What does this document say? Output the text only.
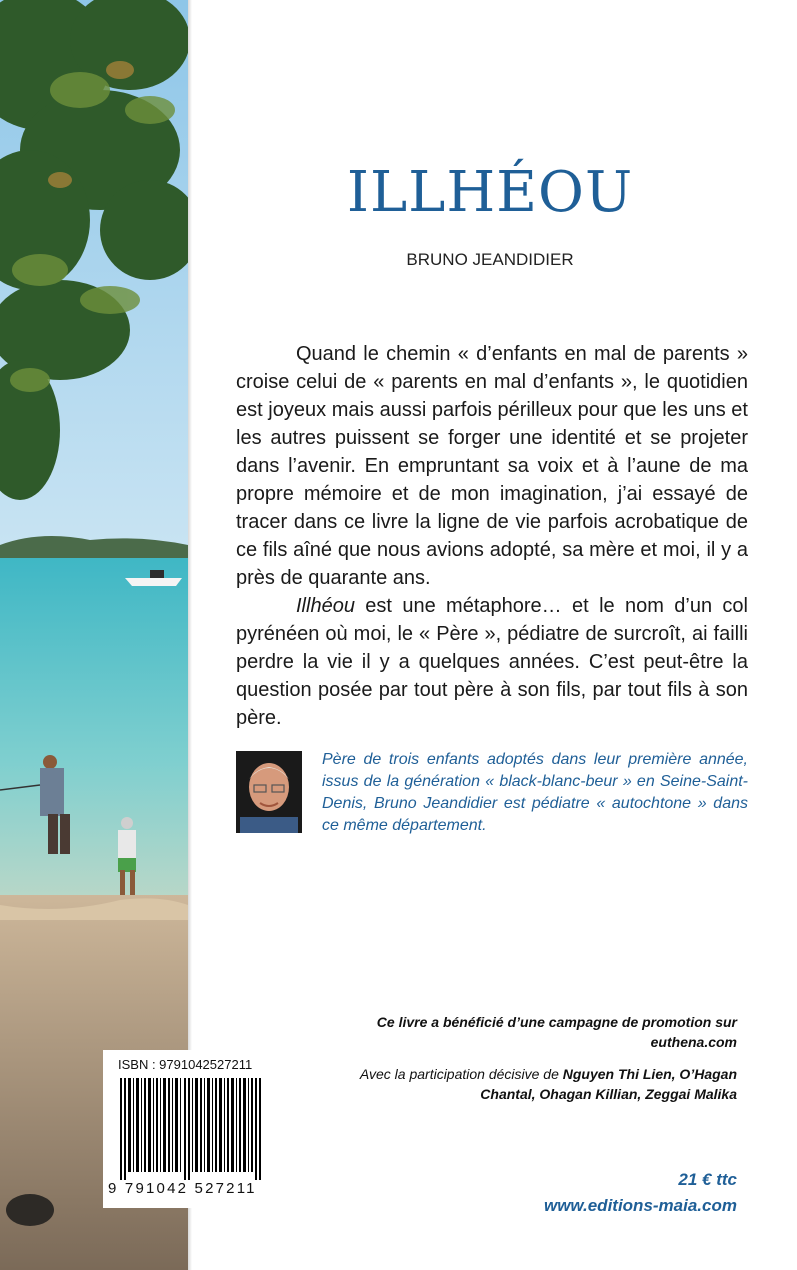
ILLHÉOU
BRUNO JEANDIDIER

Quand le chemin « d’enfants en mal de parents » croise celui de « parents en mal d’enfants », le quotidien est joyeux mais aussi parfois périlleux pour que les uns et les autres puissent se forger une identité et se projeter dans l’avenir. En empruntant sa voix et à l’aune de ma propre mémoire et de mon imagination, j’ai essayé de tracer dans ce livre la ligne de vie parfois acrobatique de ce fils aîné que nous avions adopté, sa mère et moi, il y a près de quarante ans.

Illhéou est une métaphore… et le nom d’un col pyrénéen où moi, le « Père », pédiatre de surcroît, ai failli perdre la vie il y a quelques années. C’est peut-être la question posée par tout père à son fils, par tout fils à son père.

Père de trois enfants adoptés dans leur première année, issus de la génération « black-blanc-beur » en Seine-Saint-Denis, Bruno Jeandidier est pédiatre « autochtone » dans ce même département.
ISBN : 9791042527211
9 791042 527211
Ce livre a bénéficié d’une campagne de promotion sur euthena.com
Avec la participation décisive de Nguyen Thi Lien, O’Hagan Chantal, Ohagan Killian, Zeggai Malika
21 € ttc
www.editions-maia.com
